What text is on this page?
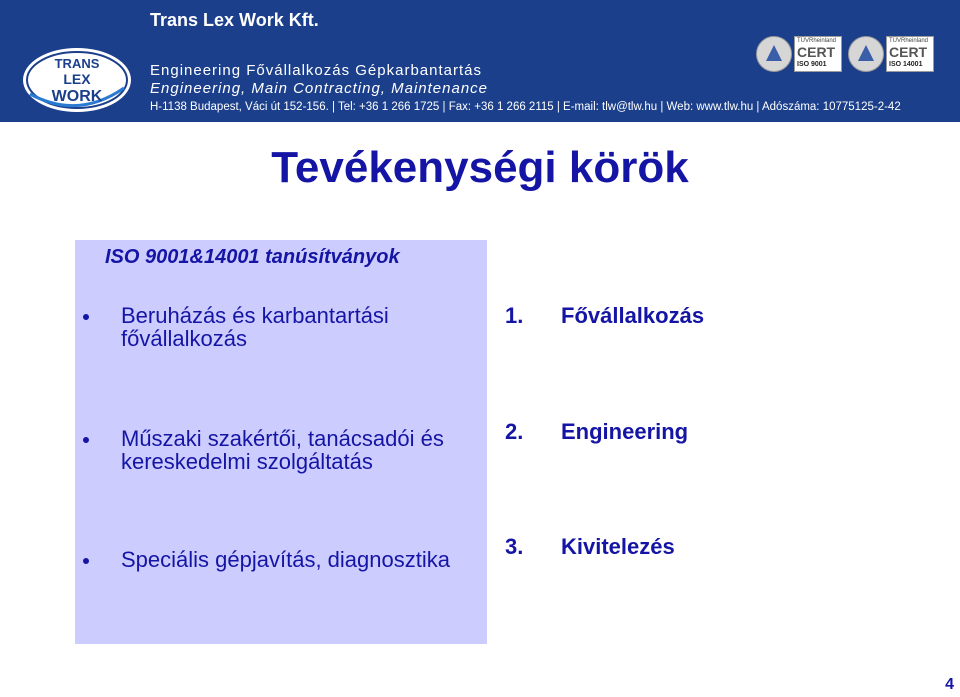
Trans Lex Work Kft.
TRANS
LEX
WORK
Engineering Fővállalkozás Gépkarbantartás
Engineering, Main Contracting, Maintenance
H-1138 Budapest, Váci út 152-156. | Tel: +36 1 266 1725 | Fax: +36 1 266 2115 | E-mail: tlw@tlw.hu | Web: www.tlw.hu | Adószáma: 10775125-2-42
TÜVRheinland
CERT
ISO 9001
TÜVRheinland
CERT
ISO 14001
Tevékenységi körök
ISO 9001&14001 tanúsítványok
Beruházás és karbantartási fővállalkozás
Műszaki szakértői, tanácsadói és kereskedelmi szolgáltatás
Speciális gépjavítás, diagnosztika
1. Fővállalkozás
2. Engineering
3. Kivitelezés
4
